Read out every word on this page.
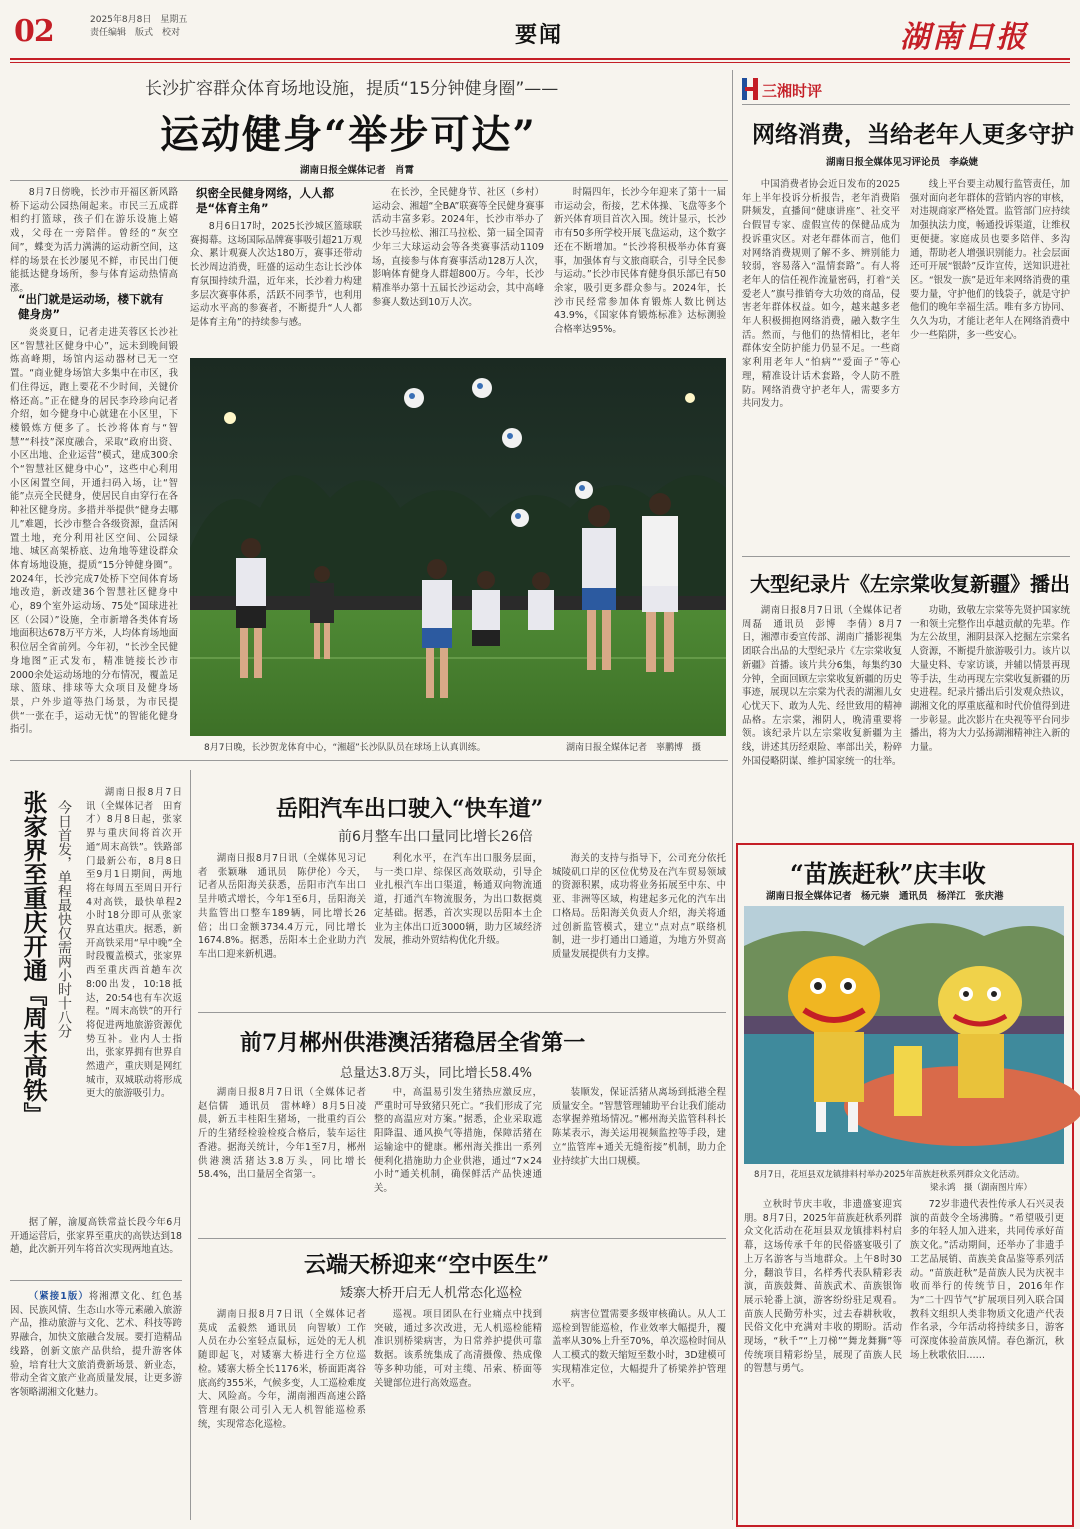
02	2025年8月8日　星期五
责任编辑　版式　校对	要闻	湖南日报
长沙扩容群众体育场地设施，提质“15分钟健身圈”——
运动健身“举步可达”
湖南日报全媒体记者　肖霄

8月7日傍晚，长沙市开福区新风路桥下运动公园热闹起来。市民三五成群相约打篮球，孩子们在游乐设施上嬉戏，父母在一旁陪伴。曾经的“灰空间”，蝶变为活力满满的运动新空间，这样的场景在长沙屡见不鲜，市民出门便能抵达健身场所，参与体育运动热情高涨。

“出门就是运动场，楼下就有健身房”

炎炎夏日，记者走进芙蓉区长沙社区“智慧社区健身中心”，远未到晚间锻炼高峰期，场馆内运动器材已无一空置。“商业健身场馆大多集中在市区，我们住得远，跑上要花不少时间，关键价格还高。”正在健身的居民李玲珍向记者介绍，如今健身中心就建在小区里，下楼锻炼方便多了。长沙将体育与“智慧”“科技”深度融合，采取“政府出资、小区出地、企业运营”模式，建成300余个“智慧社区健身中心”，这些中心利用小区闲置空间，开通扫码入场，让“智能”点亮全民健身，使居民自由穿行在各种社区健身房。多措并举提供“健身去哪儿”难题，长沙市整合各级资源，盘活闲置土地，充分利用社区空间、公园绿地、城区高架桥底、边角地等建设群众体育场地设施，提质“15分钟健身圈”。2024年，长沙完成7处桥下空间体育场地改造，新改建36个智慧社区健身中心，89个室外运动场、75处“国球进社区（公园）”设施，全市新增各类体育场地面积达678万平方米，人均体育场地面积位居全省前列。今年初，“长沙全民健身地图”正式发布，精准链接长沙市2000余处运动场地的分布情况，覆盖足球、篮球、排球等大众项目及健身场景，户外步道等热门场景，为市民提供“一张在手，运动无忧”的智能化健身指引。

织密全民健身网络，人人都是“体育主角”

8月6日17时，2025长沙城区篮球联赛揭幕。这场国际品牌赛事吸引超21万观众、累计观赛人次达180万，赛事还带动长沙周边消费，旺盛的运动生态让长沙体育氛围持续升温，近年来，长沙着力构建多层次赛事体系，活跃不同季节，也利用运动水平高的参赛者，不断提升“人人都是体育主角”的持续参与感。

在长沙，全民健身节、社区（乡村）运动会、湘超“全BA”联赛等全民健身赛事活动丰富多彩。2024年，长沙市举办了长沙马拉松、湘江马拉松、第一届全国青少年三大球运动会等各类赛事活动1109场，直接参与体育赛事活动128万人次，影响体育健身人群超800万。今年，长沙精准举办第十五届长沙运动会，其中高峰参赛人数达到10万人次。

时隔四年，长沙今年迎来了第十一届市运动会，衔接，艺术体操、飞盘等多个新兴体育项目首次入围。统计显示，长沙市有50多所学校开展飞盘运动，这个数字还在不断增加。“长沙将积极举办体育赛事，加强体育与文旅商联合，引导全民参与运动。”长沙市民体育健身俱乐部已有50余家，吸引更多群众参与。2024年，长沙市民经常参加体育锻炼人数比例达43.9%，《国家体育锻炼标准》达标测验合格率达95%。

8月7日晚，长沙贺龙体育中心，“湘超”长沙队队员在球场上认真训练。	湖南日报全媒体记者　辜鹏博　摄
三湘时评
网络消费，当给老年人更多守护
湖南日报全媒体见习评论员　李焱婕

中国消费者协会近日发布的2025年上半年投诉分析报告，老年消费陷阱频发，直播间“健康讲座”、社交平台假冒专家、虚假宣传的保健品成为投诉重灾区。对老年群体而言，他们对网络消费规则了解不多、辨别能力较弱，容易落入“温情套路”。有人将老年人的信任视作流量密码，打着“关爱老人”旗号推销夸大功效的商品，侵害老年群体权益。如今，越来越多老年人积极拥抱网络消费，融入数字生活。然而，与他们的热情相比，老年群体安全防护能力仍显不足。一些商家利用老年人“怕病”“爱面子”等心理，精准设计话术套路，令人防不胜防。网络消费守护老年人，需要多方共同发力。

线上平台要主动履行监管责任，加强对面向老年群体的营销内容的审核，对违规商家严格处置。监管部门应持续加强执法力度，畅通投诉渠道，让维权更便捷。家庭成员也要多陪伴、多沟通，帮助老人增强识别能力。社会层面还可开展“银龄”反诈宣传，送知识进社区。“银发一族”是近年来网络消费的重要力量，守护他们的钱袋子，就是守护他们的晚年幸福生活。唯有多方协同、久久为功，才能让老年人在网络消费中少一些陷阱，多一些安心。

大型纪录片《左宗棠收复新疆》播出

湖南日报8月7日讯（全媒体记者　周磊　通讯员　彭博　李倩）8月7日，湘潭市委宣传部、湖南广播影视集团联合出品的大型纪录片《左宗棠收复新疆》首播。该片共分6集，每集约30分钟，全面回顾左宗棠收复新疆的历史事迹，展现以左宗棠为代表的湖湘儿女心忧天下、敢为人先、经世致用的精神品格。左宗棠，湘阴人，晚清重要将领。该纪录片以左宗棠收复新疆为主线，讲述其历经艰险、率部出关，粉碎外国侵略阴谋、维护国家统一的壮举。

功勋，致敬左宗棠等先贤护国家统一和领土完整作出卓越贡献的先辈。作为左公故里，湘阴县深入挖掘左宗棠名人资源，不断提升旅游吸引力。该片以大量史料、专家访谈，并辅以情景再现等手法，生动再现左宗棠收复新疆的历史进程。纪录片播出后引发观众热议，湖湘文化的厚重底蕴和时代价值得到进一步彰显。此次影片在央视等平台同步播出，将为大力弘扬湖湘精神注入新的力量。

“苗族赶秋”庆丰收
湖南日报全媒体记者　杨元崇　通讯员　杨洋江　张庆港
8月7日，花垣县双龙镇排料村举办2025年苗族赶秋系列群众文化活动。
梁永鸿　摄（湖南图片库）

立秋时节庆丰收，非遗盛宴迎宾朋。8月7日，2025年苗族赶秋系列群众文化活动在花垣县双龙镇排料村启幕，这场传承千年的民俗盛宴吸引了上万名游客与当地群众。上午8时30分，翻浪节目，名样秀代表队精彩表演，苗族鼓舞、苗族武术、苗族银饰展示轮番上演，游客纷纷驻足观看。苗族人民勤劳朴实，过去春耕秋收，民俗文化中充满对丰收的期盼。活动现场，“秋千”“上刀梯”“舞龙舞狮”等传统项目精彩纷呈，展现了苗族人民的智慧与勇气。

72岁非遗代表性传承人石兴灵表演的苗鼓令全场沸腾。“希望吸引更多的年轻人加入进来，共同传承好苗族文化。”活动期间，还举办了非遗手工艺品展销、苗族美食品鉴等系列活动。“苗族赶秋”是苗族人民为庆祝丰收而举行的传统节日，2016年作为“二十四节气”扩展项目列入联合国教科文组织人类非物质文化遗产代表作名录，今年活动将持续多日，游客可深度体验苗族风情。春色渐沉，秋场上秋歌依旧……

张家界至重庆开通『周末高铁』 今日首发，单程最快仅需两小时十八分

湖南日报8月7日讯（全媒体记者　田育才）8月8日起，张家界与重庆间将首次开通“周末高铁”。铁路部门最新公布，8月8日至9月1日期间，两地将在每周五至周日开行4对高铁，最快单程2小时18分即可从张家界直达重庆。据悉，新开高铁采用“早中晚”全时段覆盖模式，张家界西至重庆西首趟车次8:00出发，10:18抵达，20:54也有车次返程。“周末高铁”的开行将促进两地旅游资源优势互补。业内人士指出，张家界拥有世界自然遗产，重庆则是网红城市，双城联动将形成更大的旅游吸引力。

据了解，渝厦高铁常益长段今年6月开通运营后，张家界至重庆的高铁达到18趟，此次新开列车将首次实现两地直达。

岳阳汽车出口驶入“快车道”
前6月整车出口量同比增长26倍

湖南日报8月7日讯（全媒体见习记者　张颖琳　通讯员　陈伊伦）今天，记者从岳阳海关获悉，岳阳市汽车出口呈井喷式增长，今年1至6月，岳阳海关共监管出口整车189辆，同比增长26倍；出口金额3734.4万元，同比增长1674.8%。据悉，岳阳本土企业助力汽车出口迎来新机遇。

利化水平，在汽车出口服务层面，与一类口岸、综保区高效联动，引导企业扎根汽车出口渠道，畅通双向物流通道，打通汽车物流服务，为出口数据奠定基础。据悉，首次实现以岳阳本土企业为主体出口近3000辆，助力区域经济发展，推动外贸结构优化升级。

海关的支持与指导下，公司充分依托城陵矶口岸的区位优势及在汽车贸易领域的资源积累，成功将业务拓展至中东、中亚、非洲等区域，构建起多元化的汽车出口格局。岳阳海关负责人介绍，海关将通过创新监管模式，建立“点对点”联络机制，进一步打通出口通道，为地方外贸高质量发展提供有力支撑。

前7月郴州供港澳活猪稳居全省第一
总量达3.8万头，同比增长58.4%

湖南日报8月7日讯（全媒体记者　赵信儒　通讯员　雷林峰）8月5日凌晨，新五丰桂阳生猪场，一批重约百公斤的生猪经检验检疫合格后，装车运往香港。据海关统计，今年1至7月，郴州供港澳活猪达3.8万头，同比增长58.4%，出口量居全省第一。

中，高温易引发生猪热应激反应，严重时可导致猪只死亡。“我们形成了完整的高温应对方案。”据悉，企业采取遮阳降温、通风换气等措施，保障活猪在运输途中的健康。郴州海关推出一系列便利化措施助力企业供港，通过“7×24小时”通关机制，确保鲜活产品快速通关。

装顺发，保证活猪从离场到抵港全程质量安全。“智慧管理辅助平台让我们能动态掌握养殖场情况。”郴州海关监管科科长陈某表示，海关运用视频监控等手段，建立“监管库+通关无缝衔接”机制，助力企业持续扩大出口规模。

云端天桥迎来“空中医生”
矮寨大桥开启无人机常态化巡检

湖南日报8月7日讯（全媒体记者　莫成　孟毅然　通讯员　向智敏）工作人员在办公室轻点鼠标，远处的无人机随即起飞，对矮寨大桥进行全方位巡检。矮寨大桥全长1176米，桥面距离谷底高约355米，气候多变，人工巡检难度大、风险高。今年，湖南湘西高速公路管理有限公司引入无人机智能巡检系统，实现常态化巡检。

巡视。项目团队在行业痛点中找到突破，通过多次改进，无人机巡检能精准识别桥梁病害，为日常养护提供可靠数据。该系统集成了高清摄像、热成像等多种功能，可对主缆、吊索、桥面等关键部位进行高效巡查。

病害位置需要多级审核确认。从人工巡检到智能巡检，作业效率大幅提升，覆盖率从30%上升至70%，单次巡检时间从人工模式的数天缩短至数小时，3D建模可实现精准定位，大幅提升了桥梁养护管理水平。

（紧接1版）将湘潭文化、红色基因、民族风情、生态山水等元素融入旅游产品，推动旅游与文化、艺术、科技等跨界融合，加快文旅融合发展。要打造精品线路，创新文旅产品供给，提升游客体验，培育壮大文旅消费新场景、新业态，带动全省文旅产业高质量发展，让更多游客领略湖湘文化魅力。
